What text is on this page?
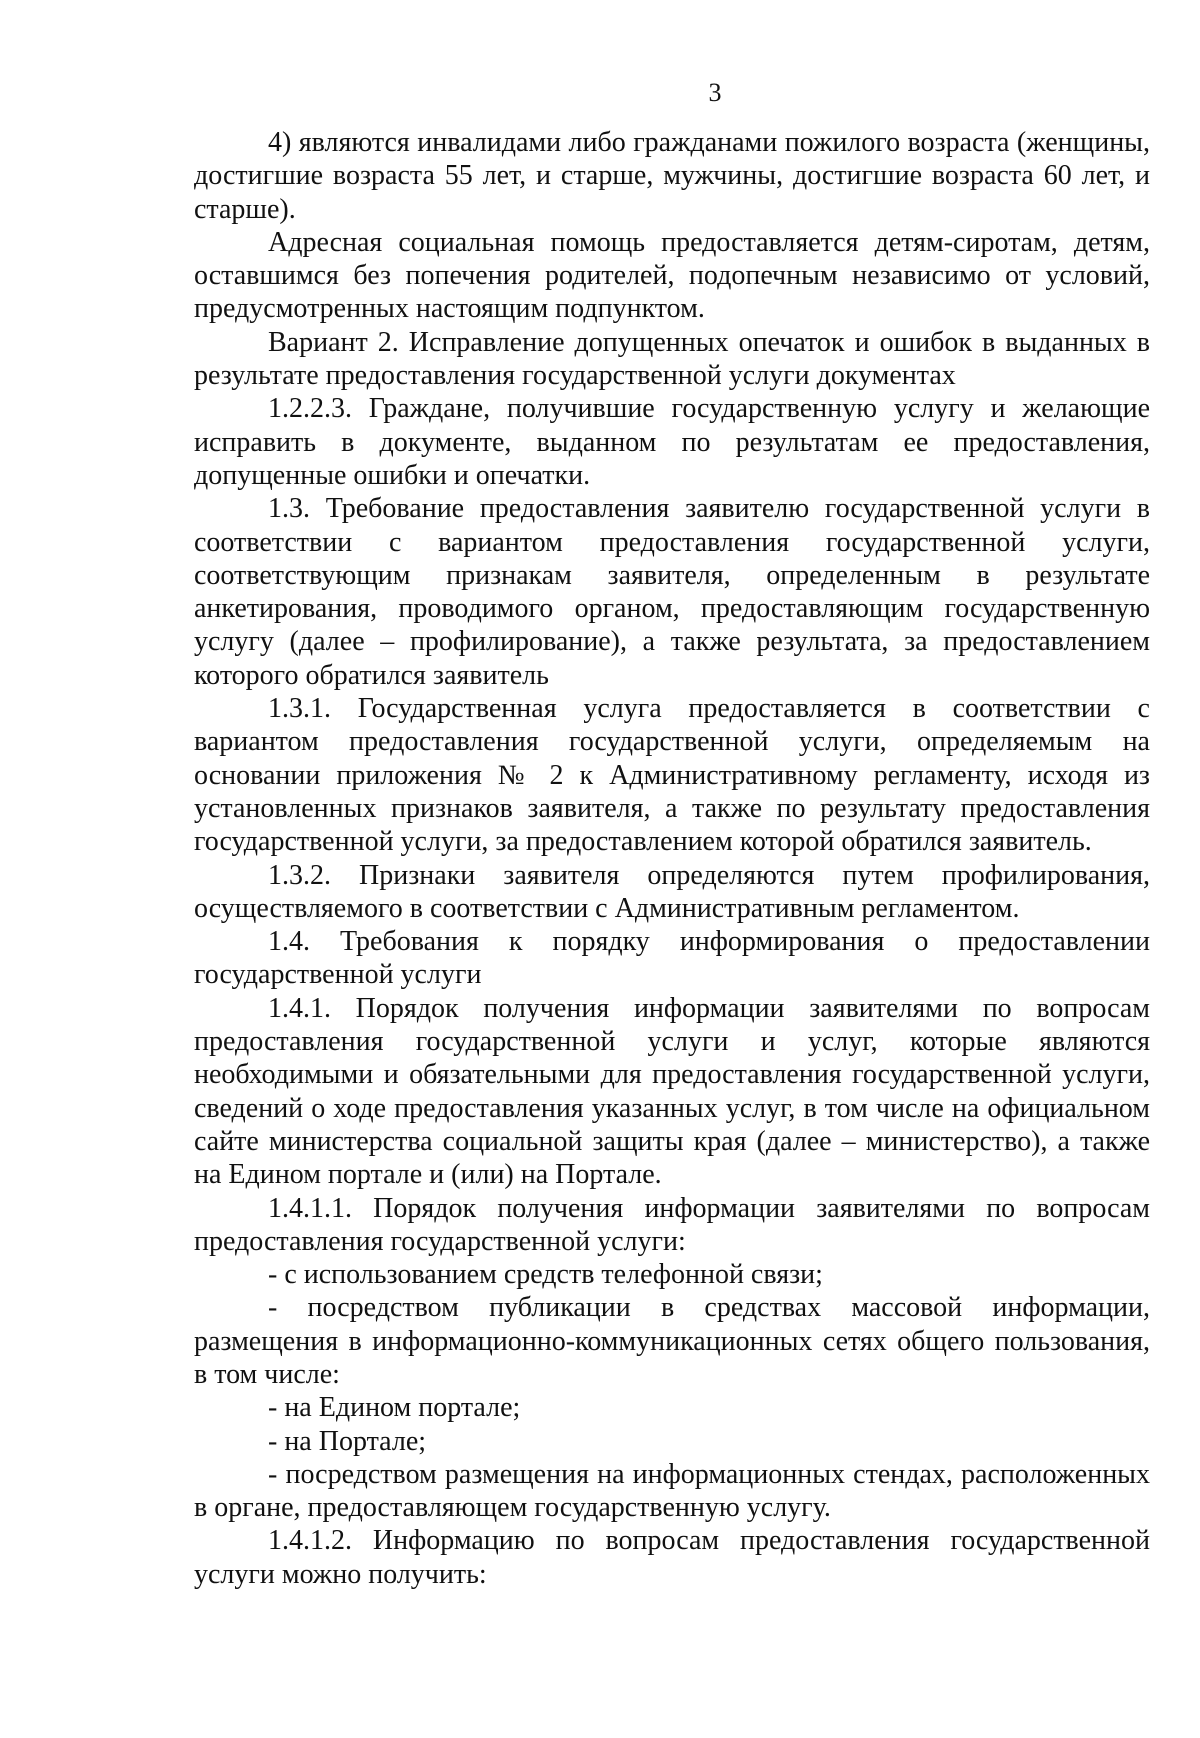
3

4) являются инвалидами либо гражданами пожилого возраста (женщины, достигшие возраста 55 лет, и старше, мужчины, достигшие возраста 60 лет, и старше).

Адресная социальная помощь предоставляется детям-сиротам, детям, оставшимся без попечения родителей, подопечным независимо от условий, предусмотренных настоящим подпунктом.

Вариант 2. Исправление допущенных опечаток и ошибок в выданных в результате предоставления государственной услуги документах

1.2.2.3. Граждане, получившие государственную услугу и желающие исправить в документе, выданном по результатам ее предоставления, допущенные ошибки и опечатки.

1.3. Требование предоставления заявителю государственной услуги в соответствии с вариантом предоставления государственной услуги, соответствующим признакам заявителя, определенным в результате анкетирования, проводимого органом, предоставляющим государственную услугу (далее – профилирование), а также результата, за предоставлением которого обратился заявитель

1.3.1. Государственная услуга предоставляется в соответствии с вариантом предоставления государственной услуги, определяемым на основании приложения № 2 к Административному регламенту, исходя из установленных признаков заявителя, а также по результату предоставления государственной услуги, за предоставлением которой обратился заявитель.

1.3.2. Признаки заявителя определяются путем профилирования, осуществляемого в соответствии с Административным регламентом.

1.4. Требования к порядку информирования о предоставлении государственной услуги

1.4.1. Порядок получения информации заявителями по вопросам предоставления государственной услуги и услуг, которые являются необходимыми и обязательными для предоставления государственной услуги, сведений о ходе предоставления указанных услуг, в том числе на официальном сайте министерства социальной защиты края (далее – министерство), а также на Едином портале и (или) на Портале.

1.4.1.1. Порядок получения информации заявителями по вопросам предоставления государственной услуги:

- с использованием средств телефонной связи;

- посредством публикации в средствах массовой информации, размещения в информационно-коммуникационных сетях общего пользования, в том числе:

- на Едином портале;

- на Портале;

- посредством размещения на информационных стендах, расположенных в органе, предоставляющем государственную услугу.

1.4.1.2. Информацию по вопросам предоставления государственной услуги можно получить:
